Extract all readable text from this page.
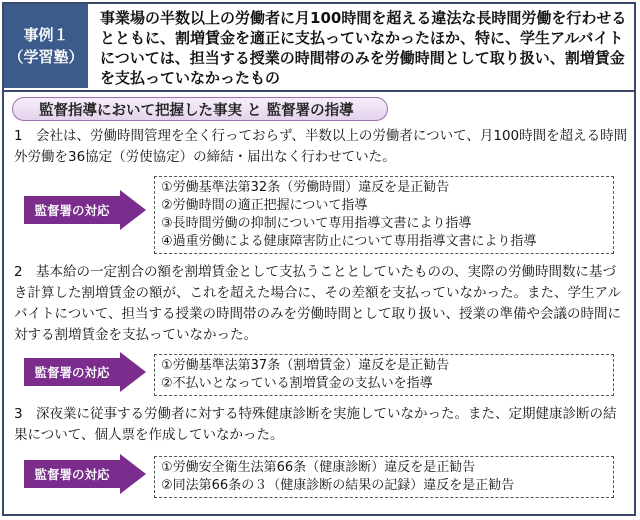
事例１
（学習塾）
事業場の半数以上の労働者に月100時間を超える違法な長時間労働を行わせるとともに、割増賃金を適正に支払っていなかったほか、特に、学生アルバイトについては、担当する授業の時間帯のみを労働時間として取り扱い、割増賃金を支払っていなかったもの
監督指導において把握した事実 と 監督署の指導
1 会社は、労働時間管理を全く行っておらず、半数以上の労働者について、月100時間を超える時間外労働を36協定（労使協定）の締結・届出なく行わせていた。
監督署の対応
①労働基準法第32条（労働時間）違反を是正勧告
②労働時間の適正把握について指導
③長時間労働の抑制について専用指導文書により指導
④過重労働による健康障害防止について専用指導文書により指導
2 基本給の一定割合の額を割増賃金として支払うこととしていたものの、実際の労働時間数に基づき計算した割増賃金の額が、これを超えた場合に、その差額を支払っていなかった。また、学生アルバイトについて、担当する授業の時間帯のみを労働時間として取り扱い、授業の準備や会議の時間に対する割増賃金を支払っていなかった。
監督署の対応	①労働基準法第37条（割増賃金）違反を是正勧告
②不払いとなっている割増賃金の支払いを指導
3 深夜業に従事する労働者に対する特殊健康診断を実施していなかった。また、定期健康診断の結果について、個人票を作成していなかった。
監督署の対応	①労働安全衛生法第66条（健康診断）違反を是正勧告
②同法第66条の３（健康診断の結果の記録）違反を是正勧告
